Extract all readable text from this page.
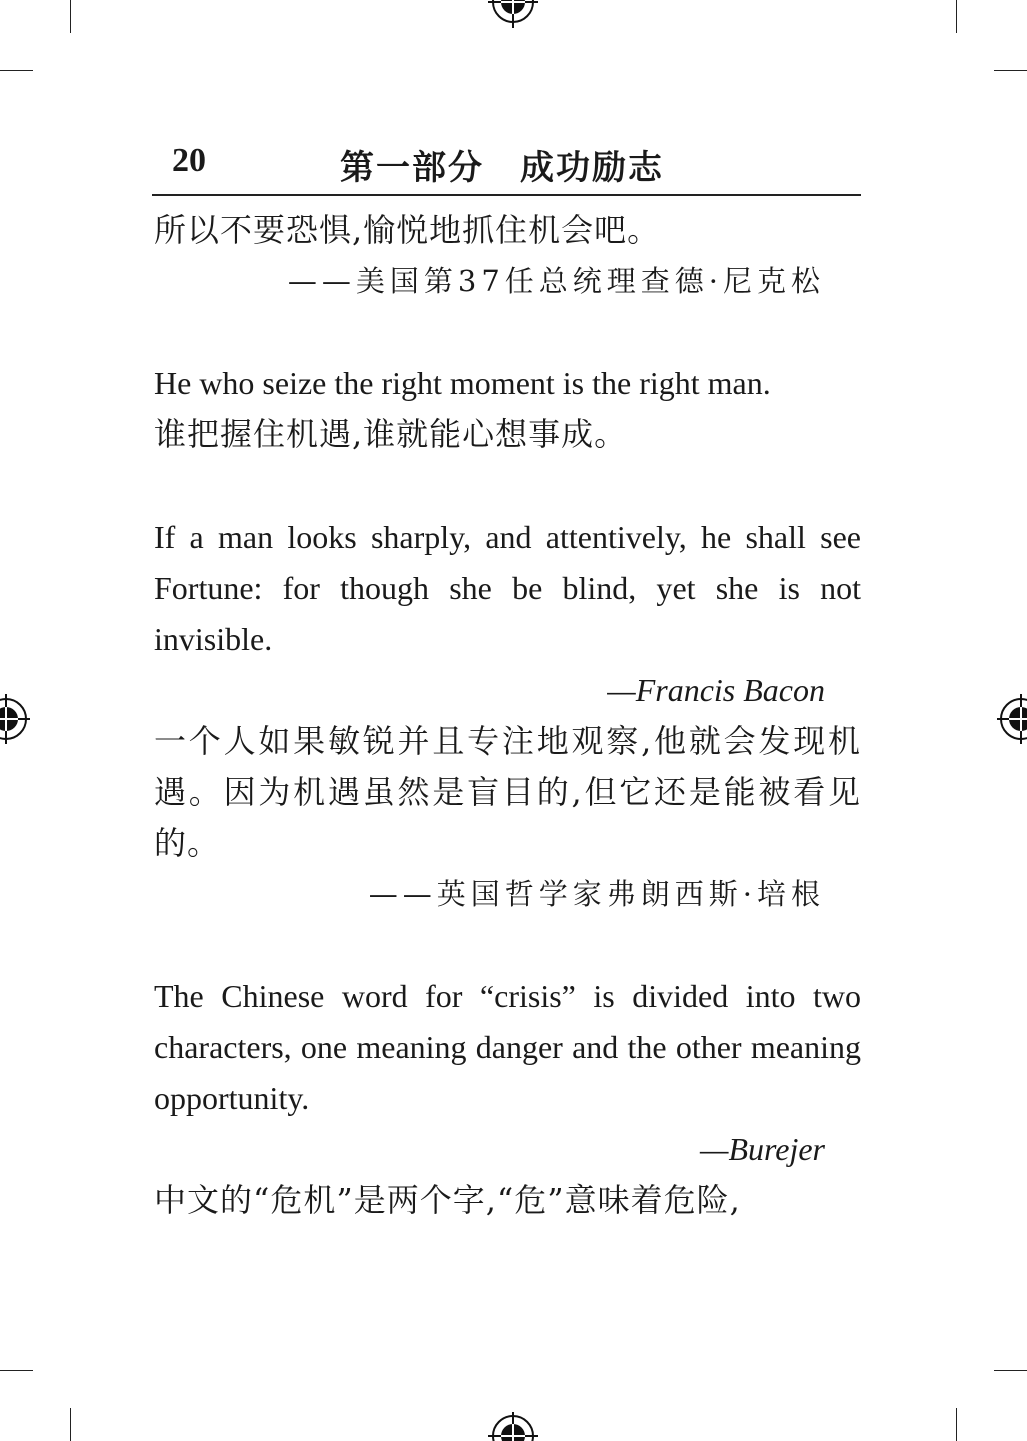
20	第一部分　成功励志
所以不要恐惧,愉悦地抓住机会吧。
——美国第37任总统理查德·尼克松
He who seize the right moment is the right man.
谁把握住机遇,谁就能心想事成。
If a man looks sharply, and attentively, he shall see Fortune: for though she be blind, yet she is not invisible.
—Francis Bacon
一个人如果敏锐并且专注地观察,他就会发现机遇。因为机遇虽然是盲目的,但它还是能被看见的。
——英国哲学家弗朗西斯·培根
The Chinese word for “crisis” is divided into two characters, one meaning danger and the other meaning opportunity.
—Burejer
中文的“危机”是两个字,“危”意味着危险,
